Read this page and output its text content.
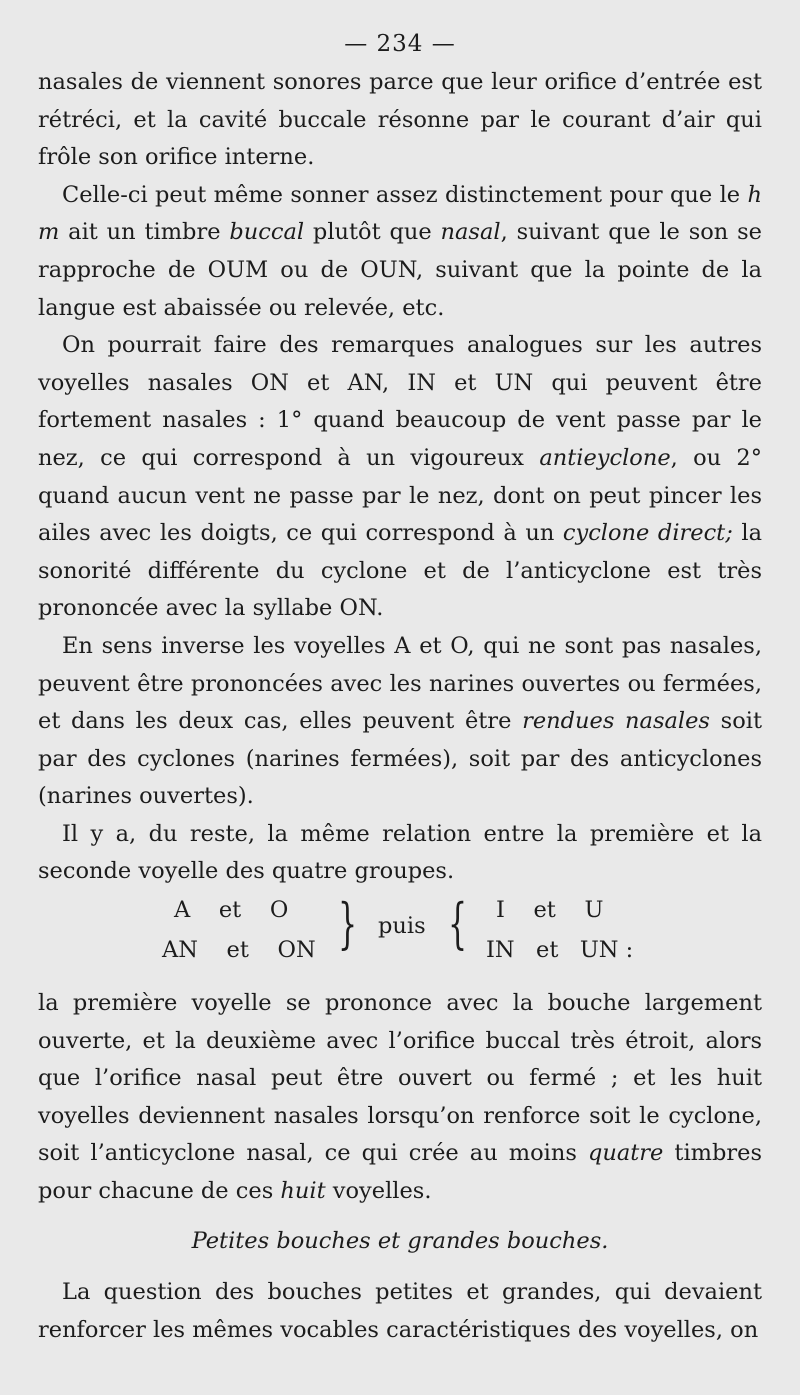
— 234 —

nasales de viennent sonores parce que leur orifice d’entrée est rétréci, et la cavité buccale résonne par le courant d’air qui frôle son orifice interne.

Celle-ci peut même sonner assez distinctement pour que le h m ait un timbre buccal plutôt que nasal, suivant que le son se rapproche de OUM ou de OUN, suivant que la pointe de la langue est abaissée ou relevée, etc.

On pourrait faire des remarques analogues sur les autres voyelles nasales ON et AN, IN et UN qui peuvent être fortement nasales : 1° quand beaucoup de vent passe par le nez, ce qui correspond à un vigoureux antieyclone, ou 2° quand aucun vent ne passe par le nez, dont on peut pincer les ailes avec les doigts, ce qui correspond à un cyclone direct; la sonorité différente du cyclone et de l’anticyclone est très prononcée avec la syllabe ON.

En sens inverse les voyelles A et O, qui ne sont pas nasales, peuvent être prononcées avec les narines ouvertes ou fermées, et dans les deux cas, elles peuvent être rendues nasales soit par des cyclones (narines fermées), soit par des anticyclones (narines ouvertes).

Il y a, du reste, la même relation entre la première et la seconde voyelle des quatre groupes.

A    et    O
AN    et    ON } puis { I    et    U
IN   et   UN :

la première voyelle se prononce avec la bouche largement ouverte, et la deuxième avec l’orifice buccal très étroit, alors que l’orifice nasal peut être ouvert ou fermé ; et les huit voyelles deviennent nasales lorsqu’on renforce soit le cyclone, soit l’anticyclone nasal, ce qui crée au moins quatre timbres pour chacune de ces huit voyelles.

Petites bouches et grandes bouches.

La question des bouches petites et grandes, qui devaient renforcer les mêmes vocables caractéristiques des voyelles, on
